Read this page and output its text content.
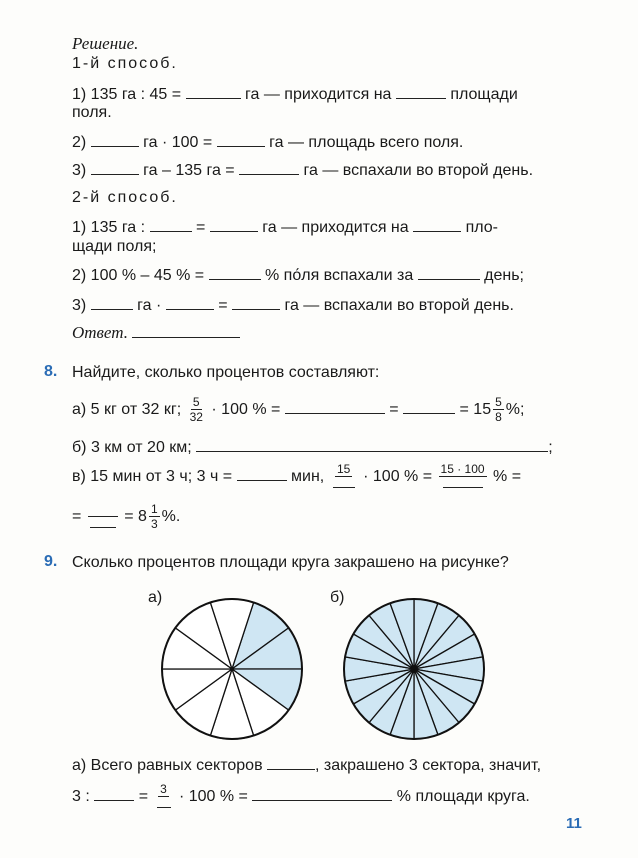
Решение.
1-й способ.
1) 135 га : 45 =	га — приходится на	площади
поля.
2)	га · 100 =	га — площадь всего поля.
3)	га – 135 га =	га — вспахали во второй день.
2-й способ.
1) 135 га :	=	га — приходится на	пло-
щади поля;
2) 100 % – 45 % =	% по́ля вспахали за	день;
3)	га ·	=	га — вспахали во второй день.
Ответ.
8. Найдите, сколько процентов составляют:
а) 5 кг от 32 кг; $\frac{5}{32} \cdot 100$ % =	=	= $15 \frac{5}{8}$ %;
б) 3 км от 20 км;	;
в) 15 мин от 3 ч; 3 ч =	мин, 15 · 100 % = 15 · 100 % =
=	= $8 \frac{1}{3}$ %.
9. Сколько процентов площади круга закрашено на рисунке?
а)	б)
а) Всего равных секторов	, закрашено 3 сектора, значит,
3 :	= 3 · 100 % =	% площади круга.
11
